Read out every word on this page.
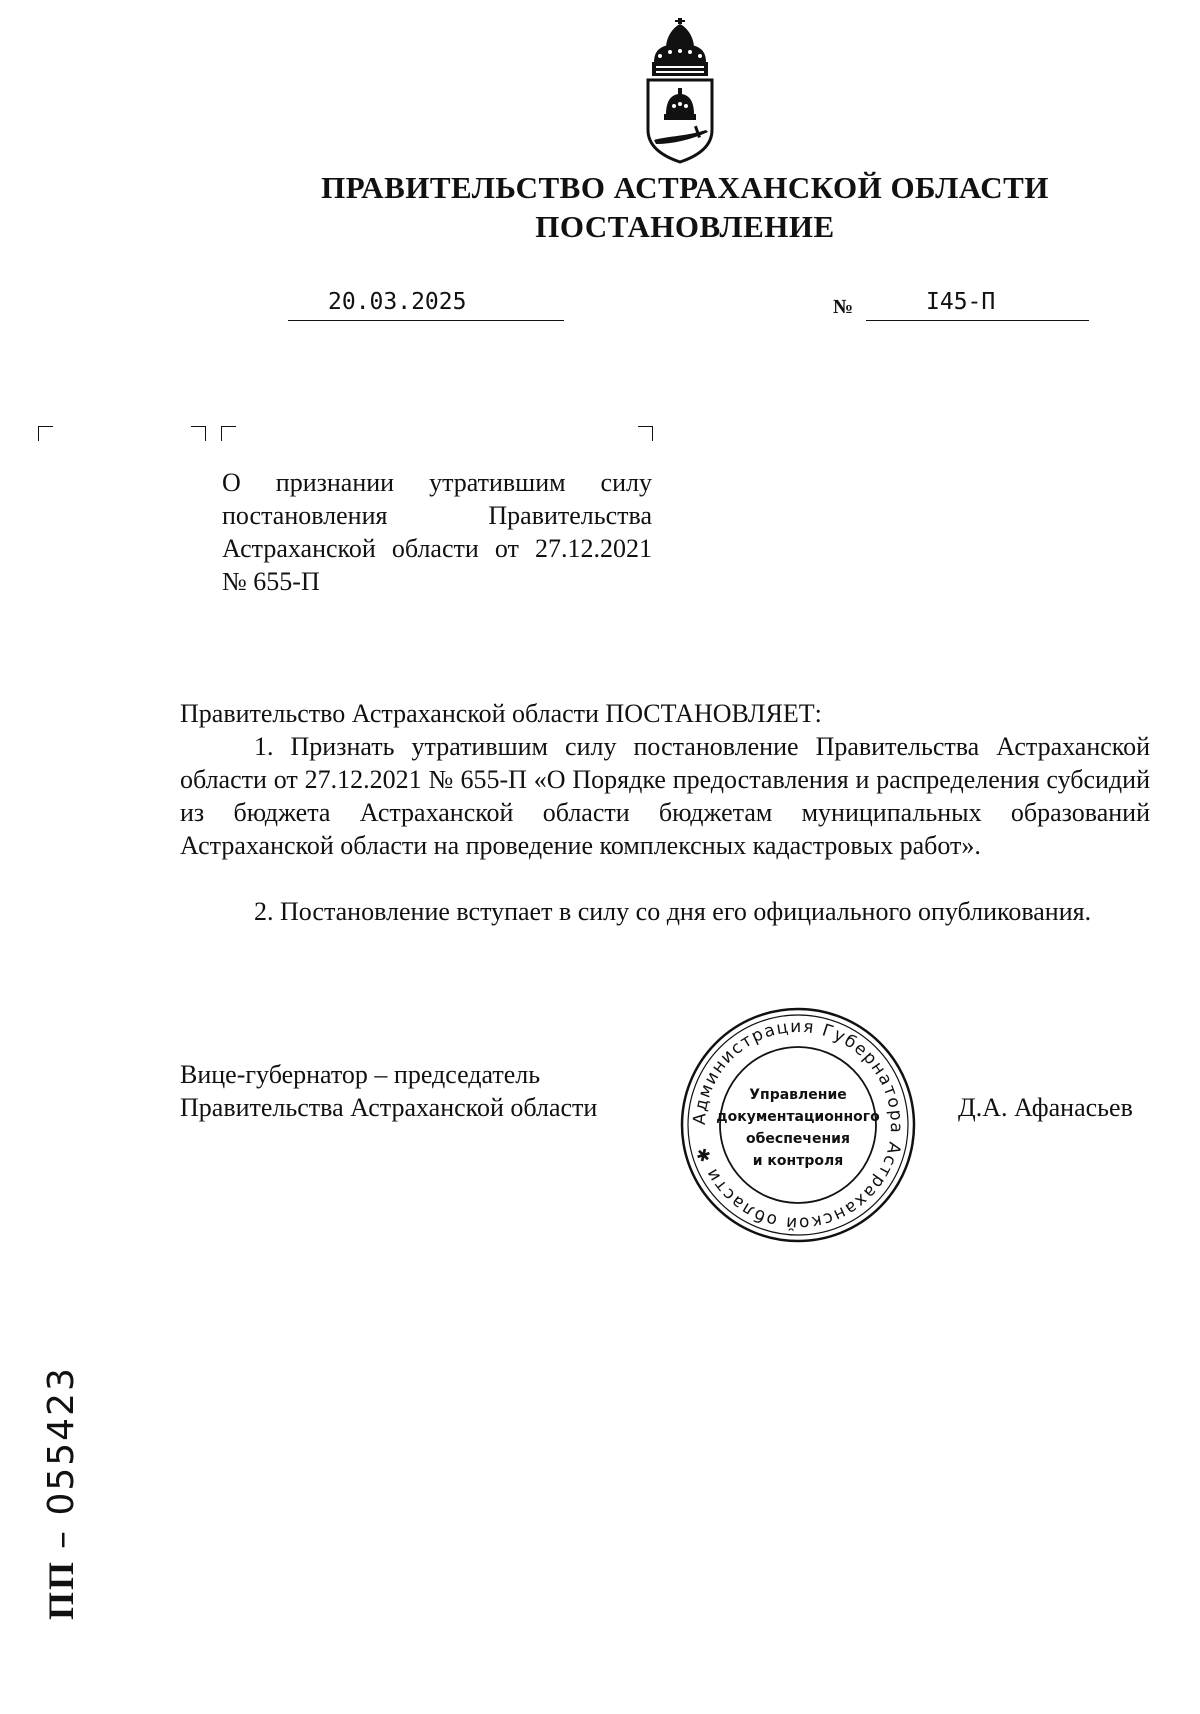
ПРАВИТЕЛЬСТВО АСТРАХАНСКОЙ ОБЛАСТИ
ПОСТАНОВЛЕНИЕ
20.03.2025	№	I45-П
О признании утратившим силу постановления Правительства Астраханской области от 27.12.2021 № 655-П
Правительство Астраханской области ПОСТАНОВЛЯЕТ:
1. Признать утратившим силу постановление Правительства Астраханской области от 27.12.2021 № 655-П «О Порядке предоставления и распределения субсидий из бюджета Астраханской области бюджетам муниципальных образований Астраханской области на проведение комплексных кадастровых работ».
2. Постановление вступает в силу со дня его официального опубликования.
Вице-губернатор – председатель
Правительства Астраханской области	Д.А. Афанасьев
Администрация Губернатора Астраханской области ✱
Управление
документационного
обеспечения
и контроля
ПП – 055423
